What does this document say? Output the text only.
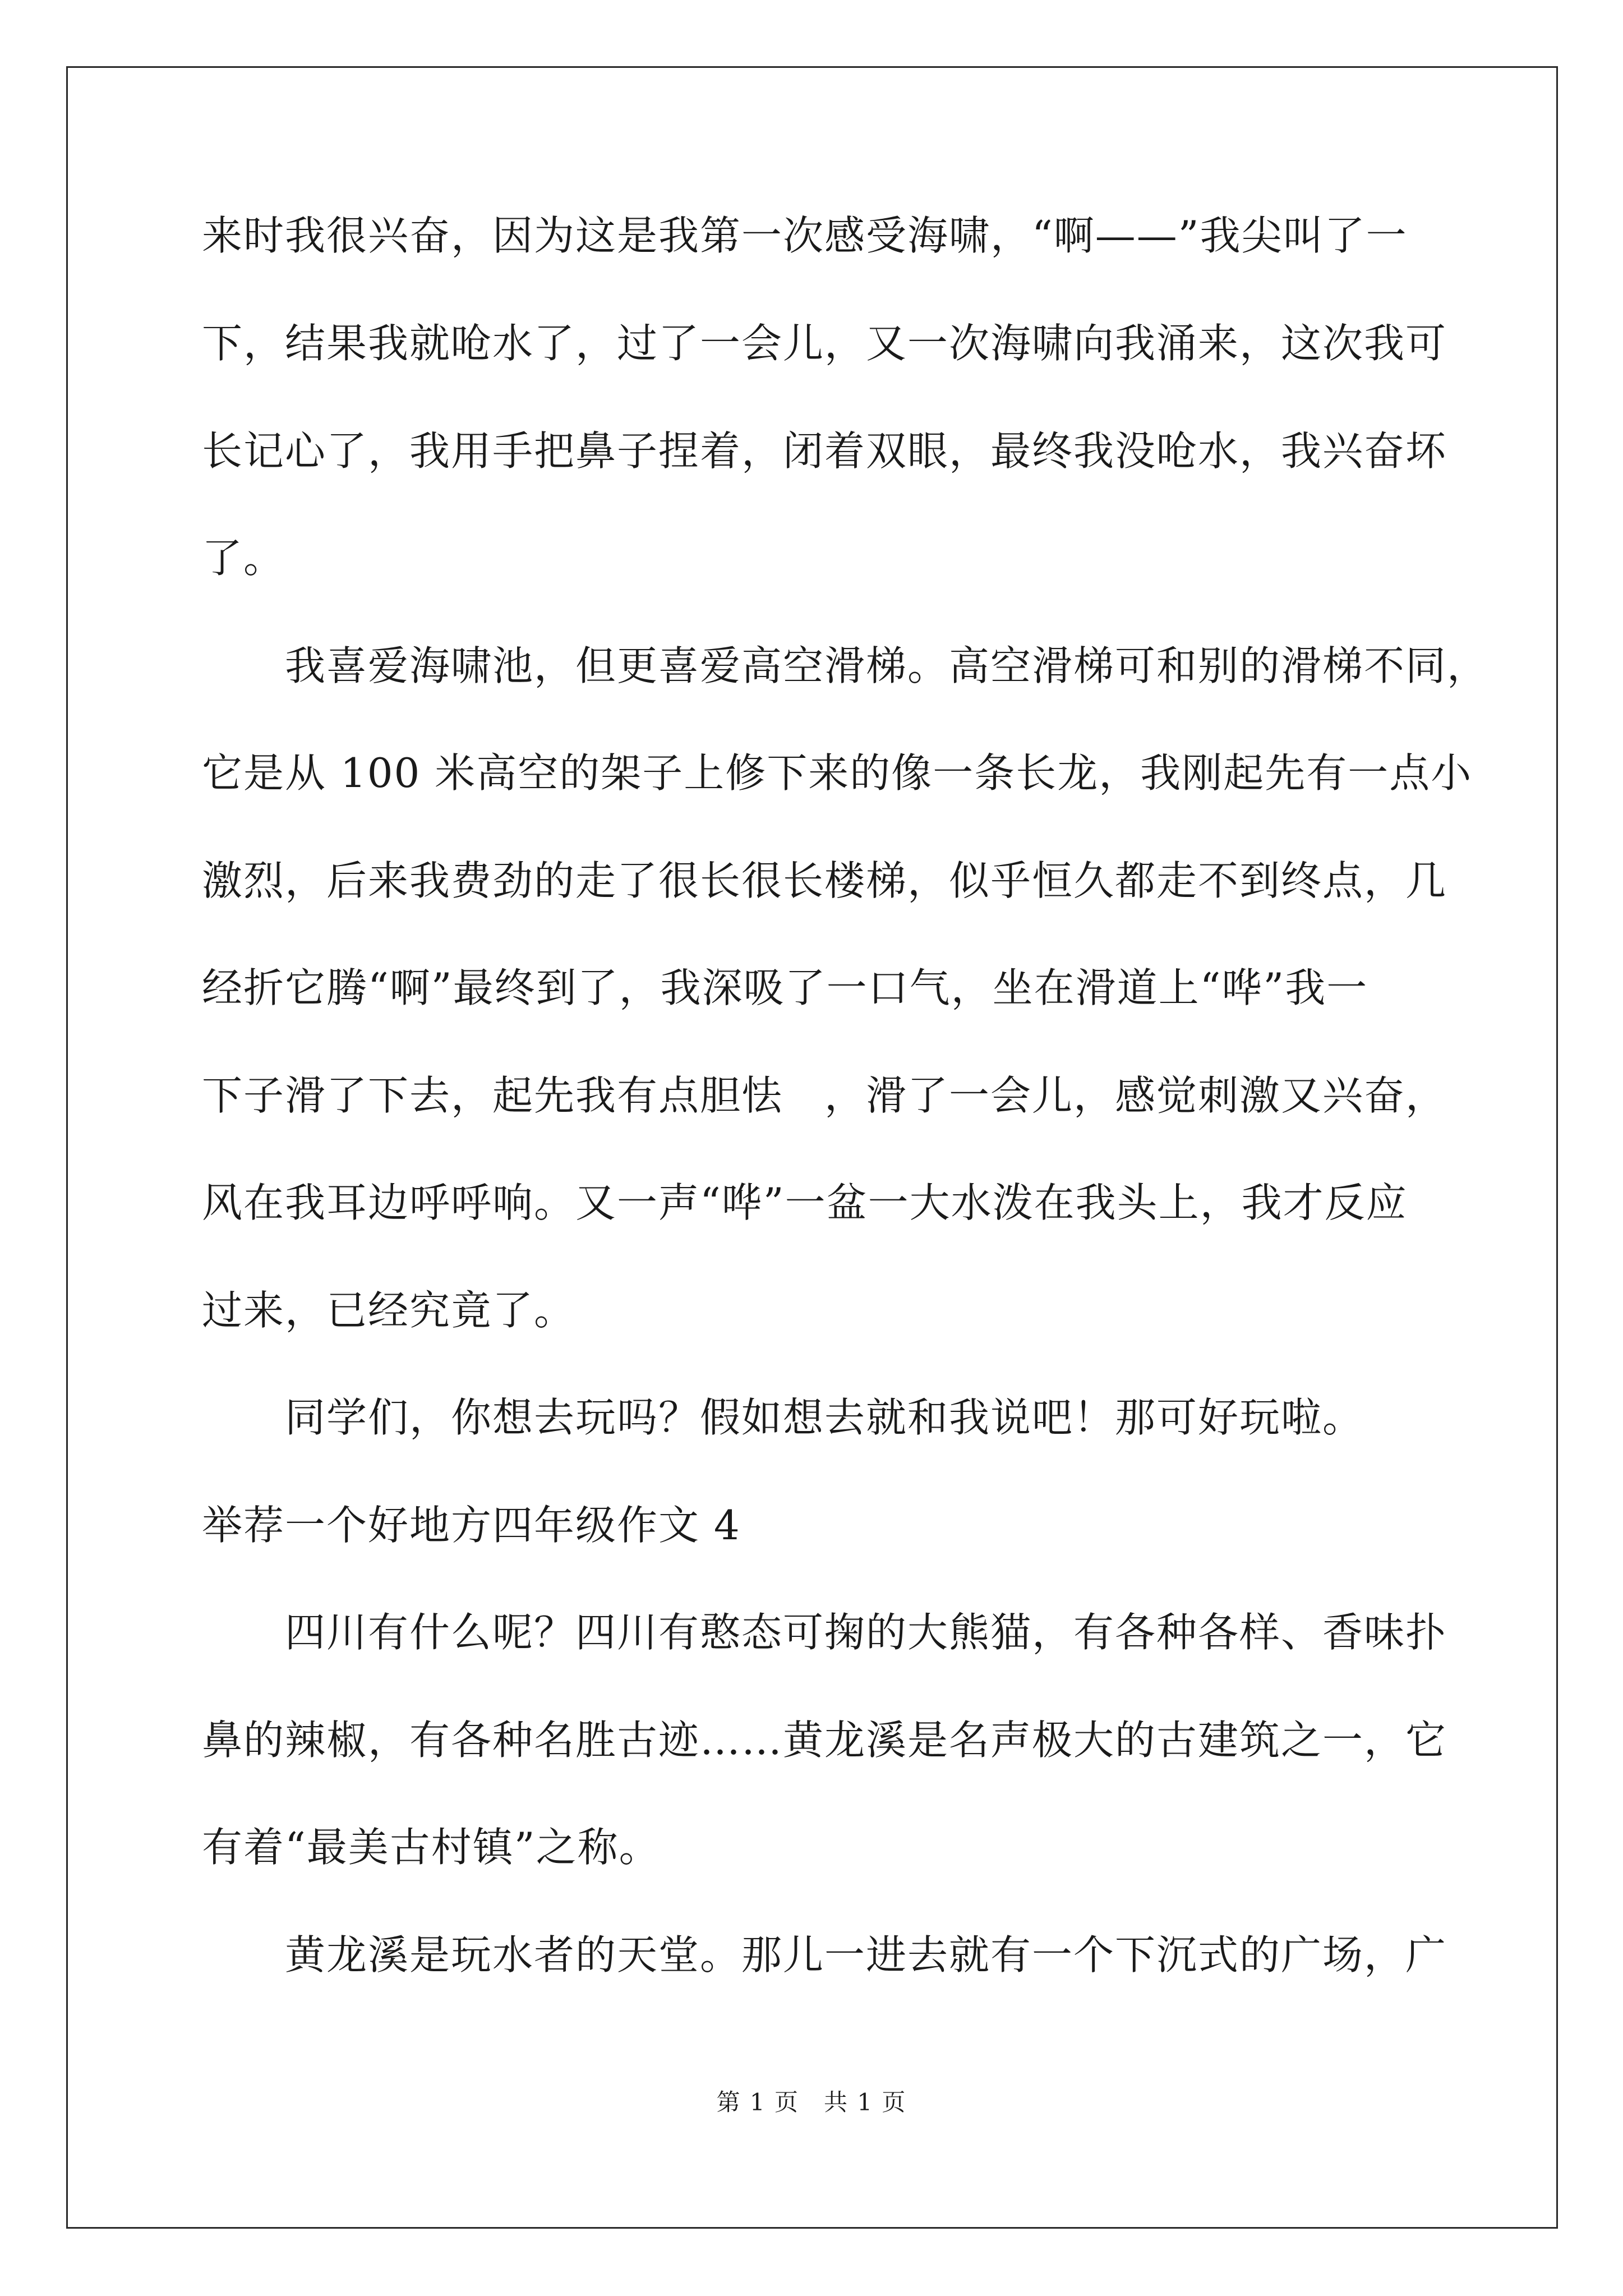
来时我很兴奋，因为这是我第一次感受海啸，“啊——”我尖叫了一
下，结果我就呛水了，过了一会儿，又一次海啸向我涌来，这次我可
长记心了，我用手把鼻子捏着，闭着双眼，最终我没呛水，我兴奋坏
了。
　　我喜爱海啸池，但更喜爱高空滑梯。高空滑梯可和别的滑梯不同，
它是从 100 米高空的架子上修下来的像一条长龙，我刚起先有一点小
激烈，后来我费劲的走了很长很长楼梯，似乎恒久都走不到终点，几
经折它腾“啊”最终到了，我深吸了一口气，坐在滑道上“哗”我一
下子滑了下去，起先我有点胆怯　，滑了一会儿，感觉刺激又兴奋，
风在我耳边呼呼响。又一声“哗”一盆一大水泼在我头上，我才反应
过来，已经究竟了。
　　同学们，你想去玩吗？假如想去就和我说吧！那可好玩啦。
举荐一个好地方四年级作文 4
　　四川有什么呢？四川有憨态可掬的大熊猫，有各种各样、香味扑
鼻的辣椒，有各种名胜古迹……黄龙溪是名声极大的古建筑之一，它
有着“最美古村镇”之称。
　　黄龙溪是玩水者的天堂。那儿一进去就有一个下沉式的广场，广
第 1 页　共 1 页
